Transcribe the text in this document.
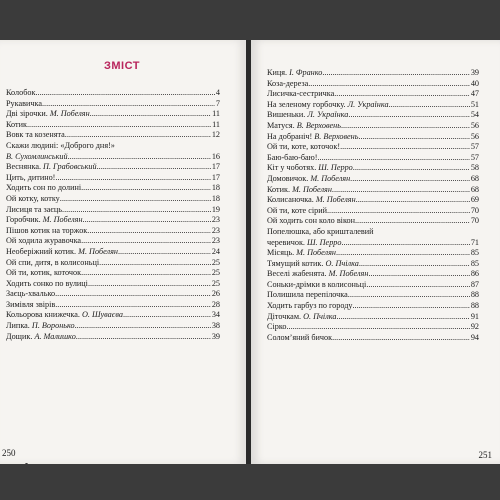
ЗМІСТ
Колобок .....	4
Рукавичка .....	7
Дві зірочки. М. Побелян .....	11
Котик .....	11
Вовк та козенята .....	12
Скажи людині: «Доброго дня!»
В. Сухомлинський .....	16
Веснянка. П. Грабовський .....	17
Цить, дитино! .....	17
Ходить сон по долині .....	18
Ой котку, котку .....	18
Лисиця та заєць .....	19
Горобчик. М. Побелян .....	23
Пішов котик на торжок .....	23
Ой ходила журавочка .....	23
Необеріжний котик. М. Побелян .....	24
Ой спи, дитя, в колисоньці .....	25
Ой ти, котик, коточок .....	25
Ходить сонко по вулиці .....	25
Заєць-хвалько .....	26
Зимівля звірів .....	28
Кольорова книжечка. О. Шуваєва .....	34
Липка. П. Воронько .....	38
Дощик. А. Малишко .....	39
250
Киця. І. Франко .....	39
Коза-дереза .....	40
Лисичка-сестричка .....	47
На зеленому горбочку. Л. Українка .....	51
Вишеньки. Л. Українка .....	54
Матуся. В. Верховень .....	56
На добраніч! В. Верховень .....	56
Ой ти, коте, коточок! .....	57
Баю-баю-баю! .....	57
Кіт у чоботях. Ш. Перро .....	58
Домовичок. М. Побелян .....	68
Котик. М. Побелян .....	68
Колисаночка. М. Побелян .....	69
Ой ти, коте сірий .....	70
Ой ходить сон коло вікон .....	70
Попелюшка, або кришталевий
черевичок. Ш. Перро .....	71
Місяць. М. Побелян .....	85
Тямущий котик. О. Пчілка .....	85
Веселі жабенята. М. Побелян .....	86
Соньки-дрімки в колисоньці .....	87
Полишила перепілочка .....	88
Ходить гарбуз по городу .....	88
Діточкам. О. Пчілка .....	91
Сірко .....	92
Солом’яний бичок .....	94
251
